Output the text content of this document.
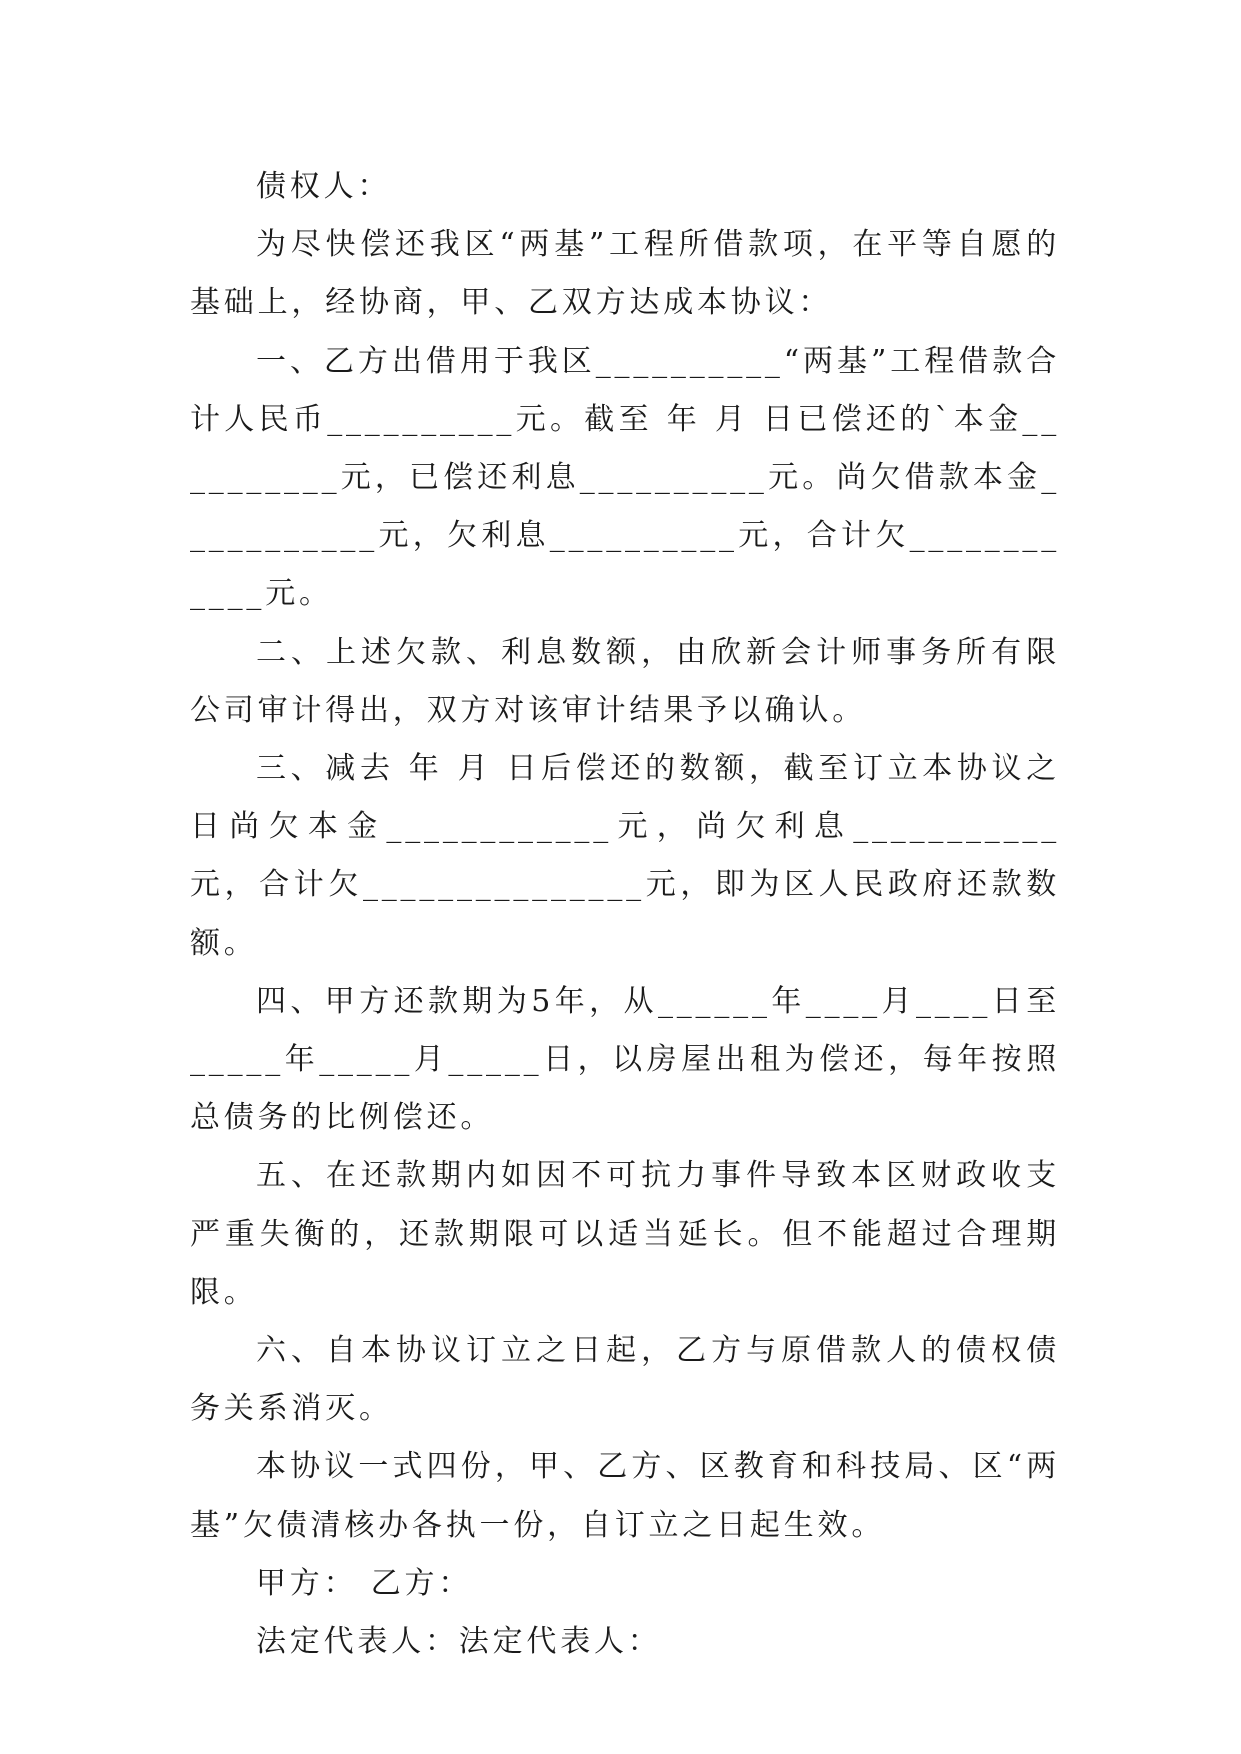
债权人：

为尽快偿还我区“两基”工程所借款项，在平等自愿的基础上，经协商，甲、乙双方达成本协议：

一、乙方出借用于我区__________“两基”工程借款合计人民币__________元。截至 年 月 日已偿还的`本金__________元，已偿还利息__________元。尚欠借款本金___________元，欠利息__________元，合计欠____________元。

二、上述欠款、利息数额，由欣新会计师事务所有限公司审计得出，双方对该审计结果予以确认。

三、减去 年 月 日后偿还的数额，截至订立本协议之日尚欠本金____________元，尚欠利息___________元，合计欠_______________元，即为区人民政府还款数额。

四、甲方还款期为5年，从______年____月____日至_____年_____月_____日，以房屋出租为偿还，每年按照总债务的比例偿还。

五、在还款期内如因不可抗力事件导致本区财政收支严重失衡的，还款期限可以适当延长。但不能超过合理期限。

六、自本协议订立之日起，乙方与原借款人的债权债务关系消灭。

本协议一式四份，甲、乙方、区教育和科技局、区“两基”欠债清核办各执一份，自订立之日起生效。

甲方： 乙方：

法定代表人：法定代表人：
